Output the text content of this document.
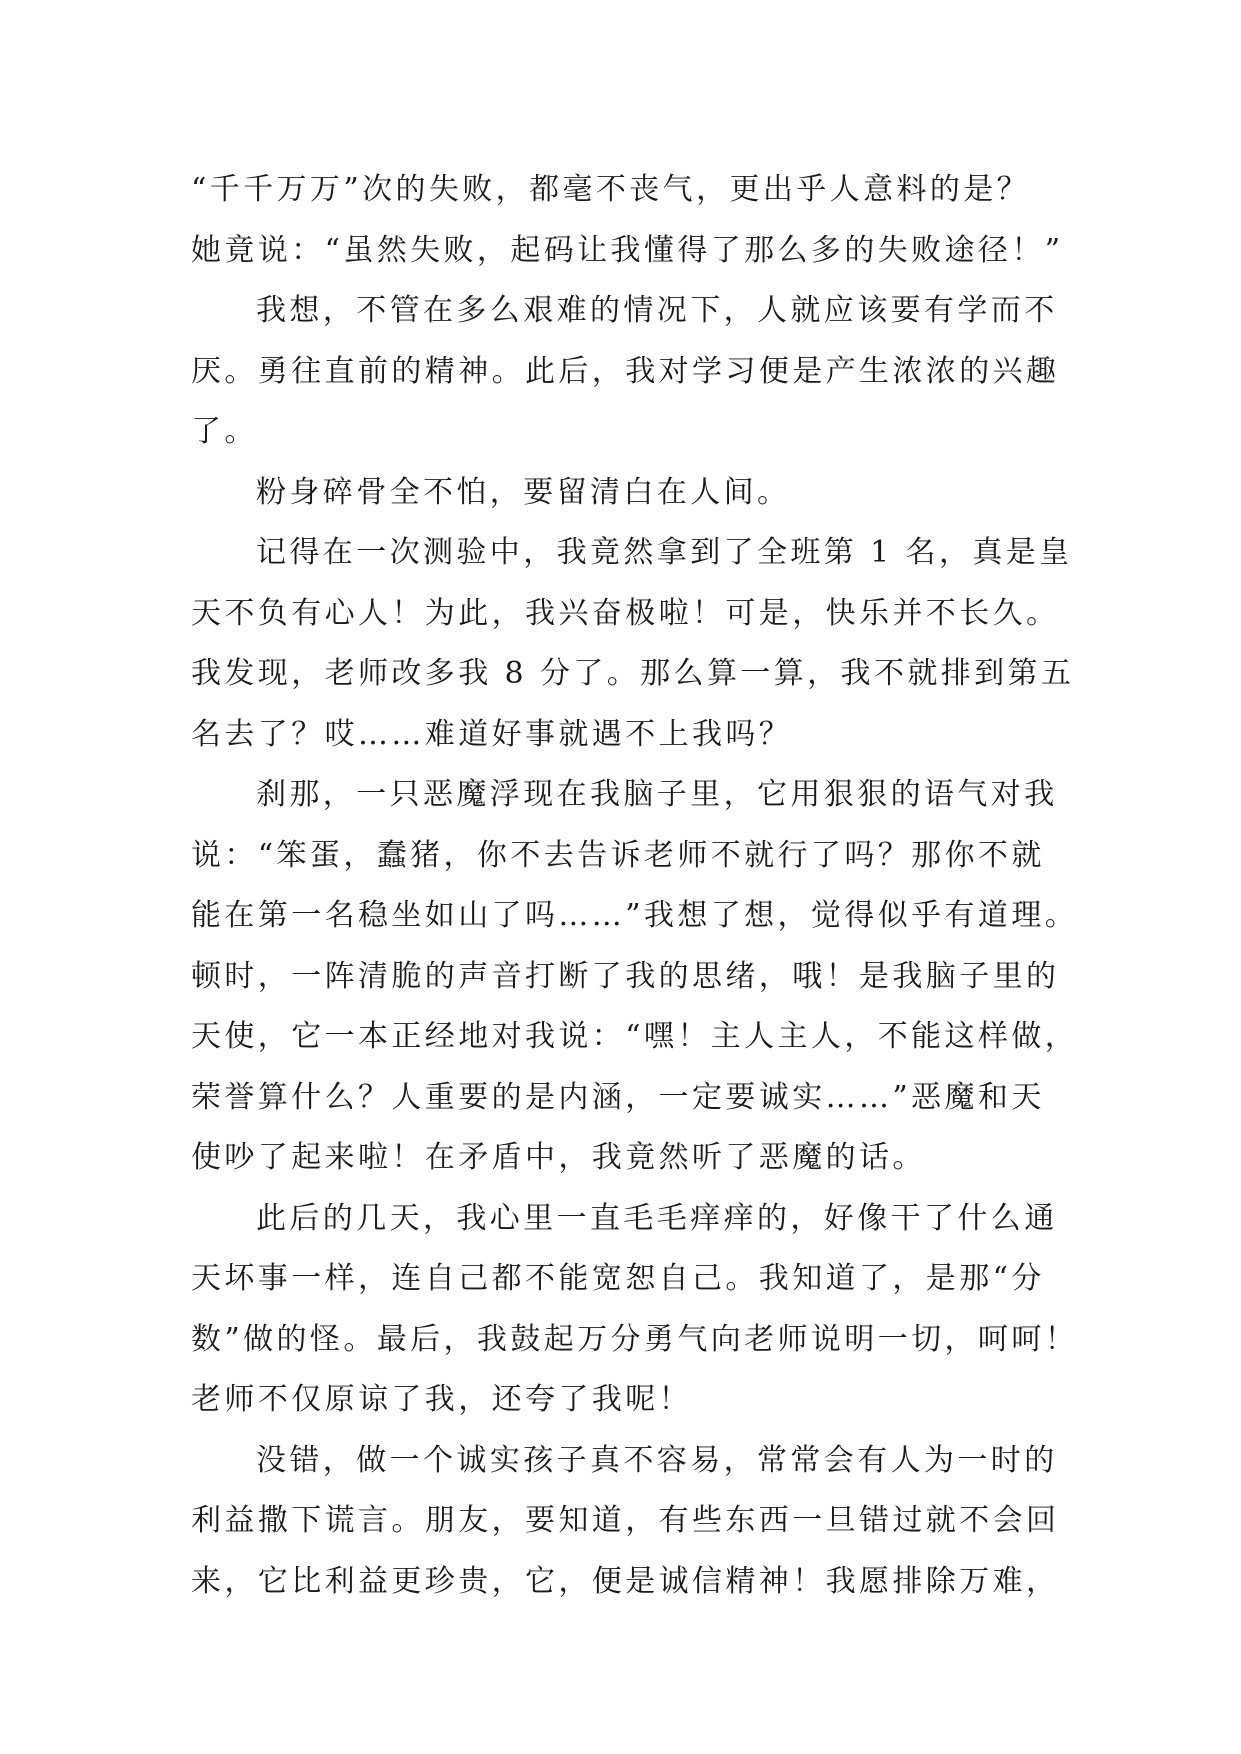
“千千万万”次的失败，都毫不丧气，更出乎人意料的是？
她竟说：“虽然失败，起码让我懂得了那么多的失败途径！”
我想，不管在多么艰难的情况下，人就应该要有学而不
厌。勇往直前的精神。此后，我对学习便是产生浓浓的兴趣
了。
粉身碎骨全不怕，要留清白在人间。
记得在一次测验中，我竟然拿到了全班第 1 名，真是皇
天不负有心人！为此，我兴奋极啦！可是，快乐并不长久。
我发现，老师改多我 8 分了。那么算一算，我不就排到第五
名去了？哎……难道好事就遇不上我吗？
刹那，一只恶魔浮现在我脑子里，它用狠狠的语气对我
说：“笨蛋，蠢猪，你不去告诉老师不就行了吗？那你不就
能在第一名稳坐如山了吗……”我想了想，觉得似乎有道理。
顿时，一阵清脆的声音打断了我的思绪，哦！是我脑子里的
天使，它一本正经地对我说：“嘿！主人主人，不能这样做，
荣誉算什么？人重要的是内涵，一定要诚实……”恶魔和天
使吵了起来啦！在矛盾中，我竟然听了恶魔的话。
此后的几天，我心里一直毛毛痒痒的，好像干了什么通
天坏事一样，连自己都不能宽恕自己。我知道了，是那“分
数”做的怪。最后，我鼓起万分勇气向老师说明一切，呵呵！
老师不仅原谅了我，还夸了我呢！
没错，做一个诚实孩子真不容易，常常会有人为一时的
利益撒下谎言。朋友，要知道，有些东西一旦错过就不会回
来，它比利益更珍贵，它，便是诚信精神！我愿排除万难，
